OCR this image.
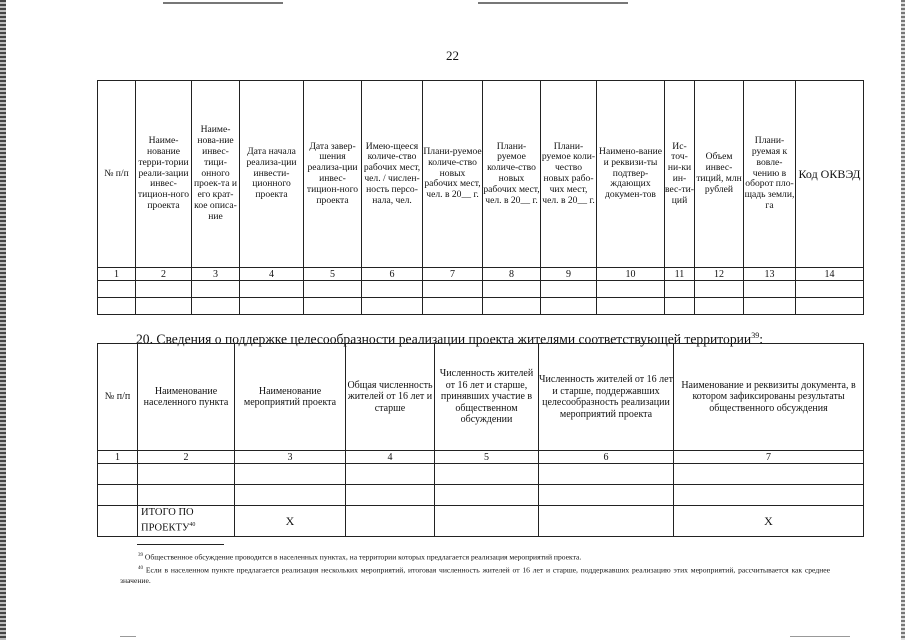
22
№ п/п	Наиме-нование терри-тории реали-зации инвес-тицион-ного проекта	Наиме-нова-ние инвес-тици-онного проек-та и его крат-кое описа-ние	Дата начала реализа-ции инвести-ционного проекта	Дата завер-шения реализа-ции инвес-тицион-ного проекта	Имею-щееся количе-ство рабочих мест, чел. / числен-ность персо-нала, чел.	Плани-руемое количе-ство новых рабочих мест, чел. в 20__ г.	Плани-руемое количе-ство новых рабочих мест, чел. в 20__ г.	Плани-руемое коли-чество новых рабо-чих мест, чел. в 20__ г.	Наимено-вание и реквизи-ты подтвер-ждающих докумен-тов	Ис-точ-ни-ки ин-вес-ти-ций	Объем инвес-тиций, млн рублей	Плани-руемая к вовле-чению в оборот пло-щадь земли, га	Код ОКВЭД
1	2	3	4	5	6	7	8	9	10	11	12	13	14

20. Сведения о поддержке целесообразности реализации проекта жителями соответствующей территории$^{39}$:
№ п/п	Наименование населенного пункта	Наименование мероприятий проекта	Общая численность жителей от 16 лет и старше	Численность жителей от 16 лет и старше, принявших участие в общественном обсуждении	Численность жителей от 16 лет и старше, поддержавших целесообразность реализации мероприятий проекта	Наименование и реквизиты документа, в котором зафиксированы результаты общественного обсуждения
1	2	3	4	5	6	7

	ИТОГО ПО ПРОЕКТУ$^{40}$	Х				Х

$^{39}$ Общественное обсуждение проводится в населенных пунктах, на территории которых предлагается реализация мероприятий проекта.

$^{40}$ Если в населенном пункте предлагается реализация нескольких мероприятий, итоговая численность жителей от 16 лет и старше, поддержавших реализацию этих мероприятий, рассчитывается как среднее значение.
